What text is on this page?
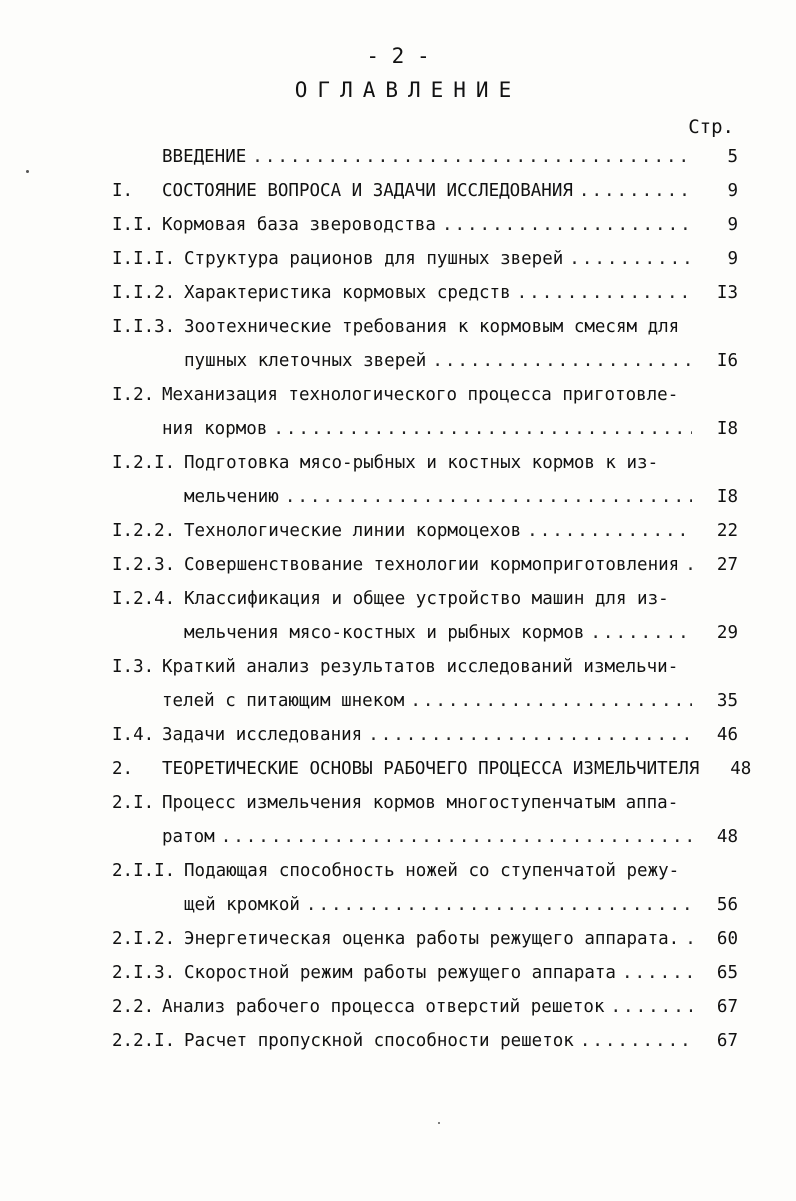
- 2 -
ОГЛАВЛЕНИЕ
Стр.
ВВЕДЕНИЕ .....	5
I.	СОСТОЯНИЕ ВОПРОСА И ЗАДАЧИ ИССЛЕДОВАНИЯ .....	9
I.I. Кормовая база звероводства .....	9
I.I.I. Структура рационов для пушных зверей .....	9
I.I.2. Характеристика кормовых средств .....	I3
I.I.3. Зоотехнические требования к кормовым смесям для
пушных клеточных зверей .....	I6
I.2. Механизация технологического процесса приготовле-
ния кормов .....	I8
I.2.I. Подготовка мясо-рыбных и костных кормов к из-
мельчению .....	I8
I.2.2. Технологические линии кормоцехов .....	22
I.2.3. Совершенствование технологии кормоприготовления .....	27
I.2.4. Классификация и общее устройство машин для из-
мельчения мясо-костных и рыбных кормов .....	29
I.3. Краткий анализ результатов исследований измельчи-
телей с питающим шнеком .....	35
I.4. Задачи исследования .....	46
2.	ТЕОРЕТИЧЕСКИЕ ОСНОВЫ РАБОЧЕГО ПРОЦЕССА ИЗМЕЛЬЧИТЕЛЯ	48
2.I. Процесс измельчения кормов многоступенчатым аппа-
ратом .....	48
2.I.I. Подающая способность ножей со ступенчатой режу-
щей кромкой .....	56
2.I.2. Энергетическая оценка работы режущего аппарата. .....	60
2.I.3. Скоростной режим работы режущего аппарата .....	65
2.2. Анализ рабочего процесса отверстий решеток .....	67
2.2.I. Расчет пропускной способности решеток .....	67
